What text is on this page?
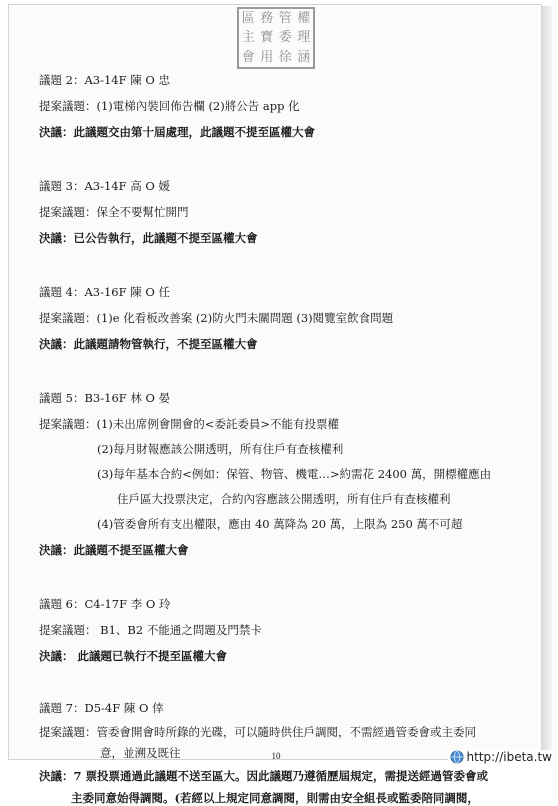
區 務 管 權
主 寶 委 理
會 用 徐 涵
議題 2：A3-14F 陳 O 忠
提案議題：(1)電梯內裝回佈告欄 (2)將公告 app 化
決議：此議題交由第十屆處理，此議題不提至區權大會
議題 3：A3-14F 高 O 媛
提案議題：保全不要幫忙開門
決議：已公告執行，此議題不提至區權大會
議題 4：A3-16F 陳 O 任
提案議題：(1)e 化看板改善案 (2)防火門未關問題 (3)閱覽室飲食問題
決議：此議題請物管執行，不提至區權大會
議題 5：B3-16F 林 O 晏
提案議題：(1)未出席例會開會的<委託委員>不能有投票權
(2)每月財報應該公開透明，所有住戶有查核權利
(3)每年基本合約<例如：保管、物管、機電…>約需花 2400 萬，開標權應由
住戶區大投票決定，合約內容應該公開透明，所有住戶有查核權利
(4)管委會所有支出權限，應由 40 萬降為 20 萬，上限為 250 萬不可超
決議：此議題不提至區權大會
議題 6：C4-17F 李 O 玲
提案議題： B1、B2 不能通之問題及門禁卡
決議： 此議題已執行不提至區權大會
議題 7：D5-4F 陳 O 倖
提案議題：管委會開會時所錄的光碟，可以隨時供住戶調閱，不需經過管委會或主委同
意，並溯及既往
決議：7 票投票通過此議題不送至區大。因此議題乃遵循歷屆規定，需提送經過管委會或
主委同意始得調閱。(若經以上規定同意調閱，則需由安全組長或監委陪同調閱，
10	http://ibeta.tw
